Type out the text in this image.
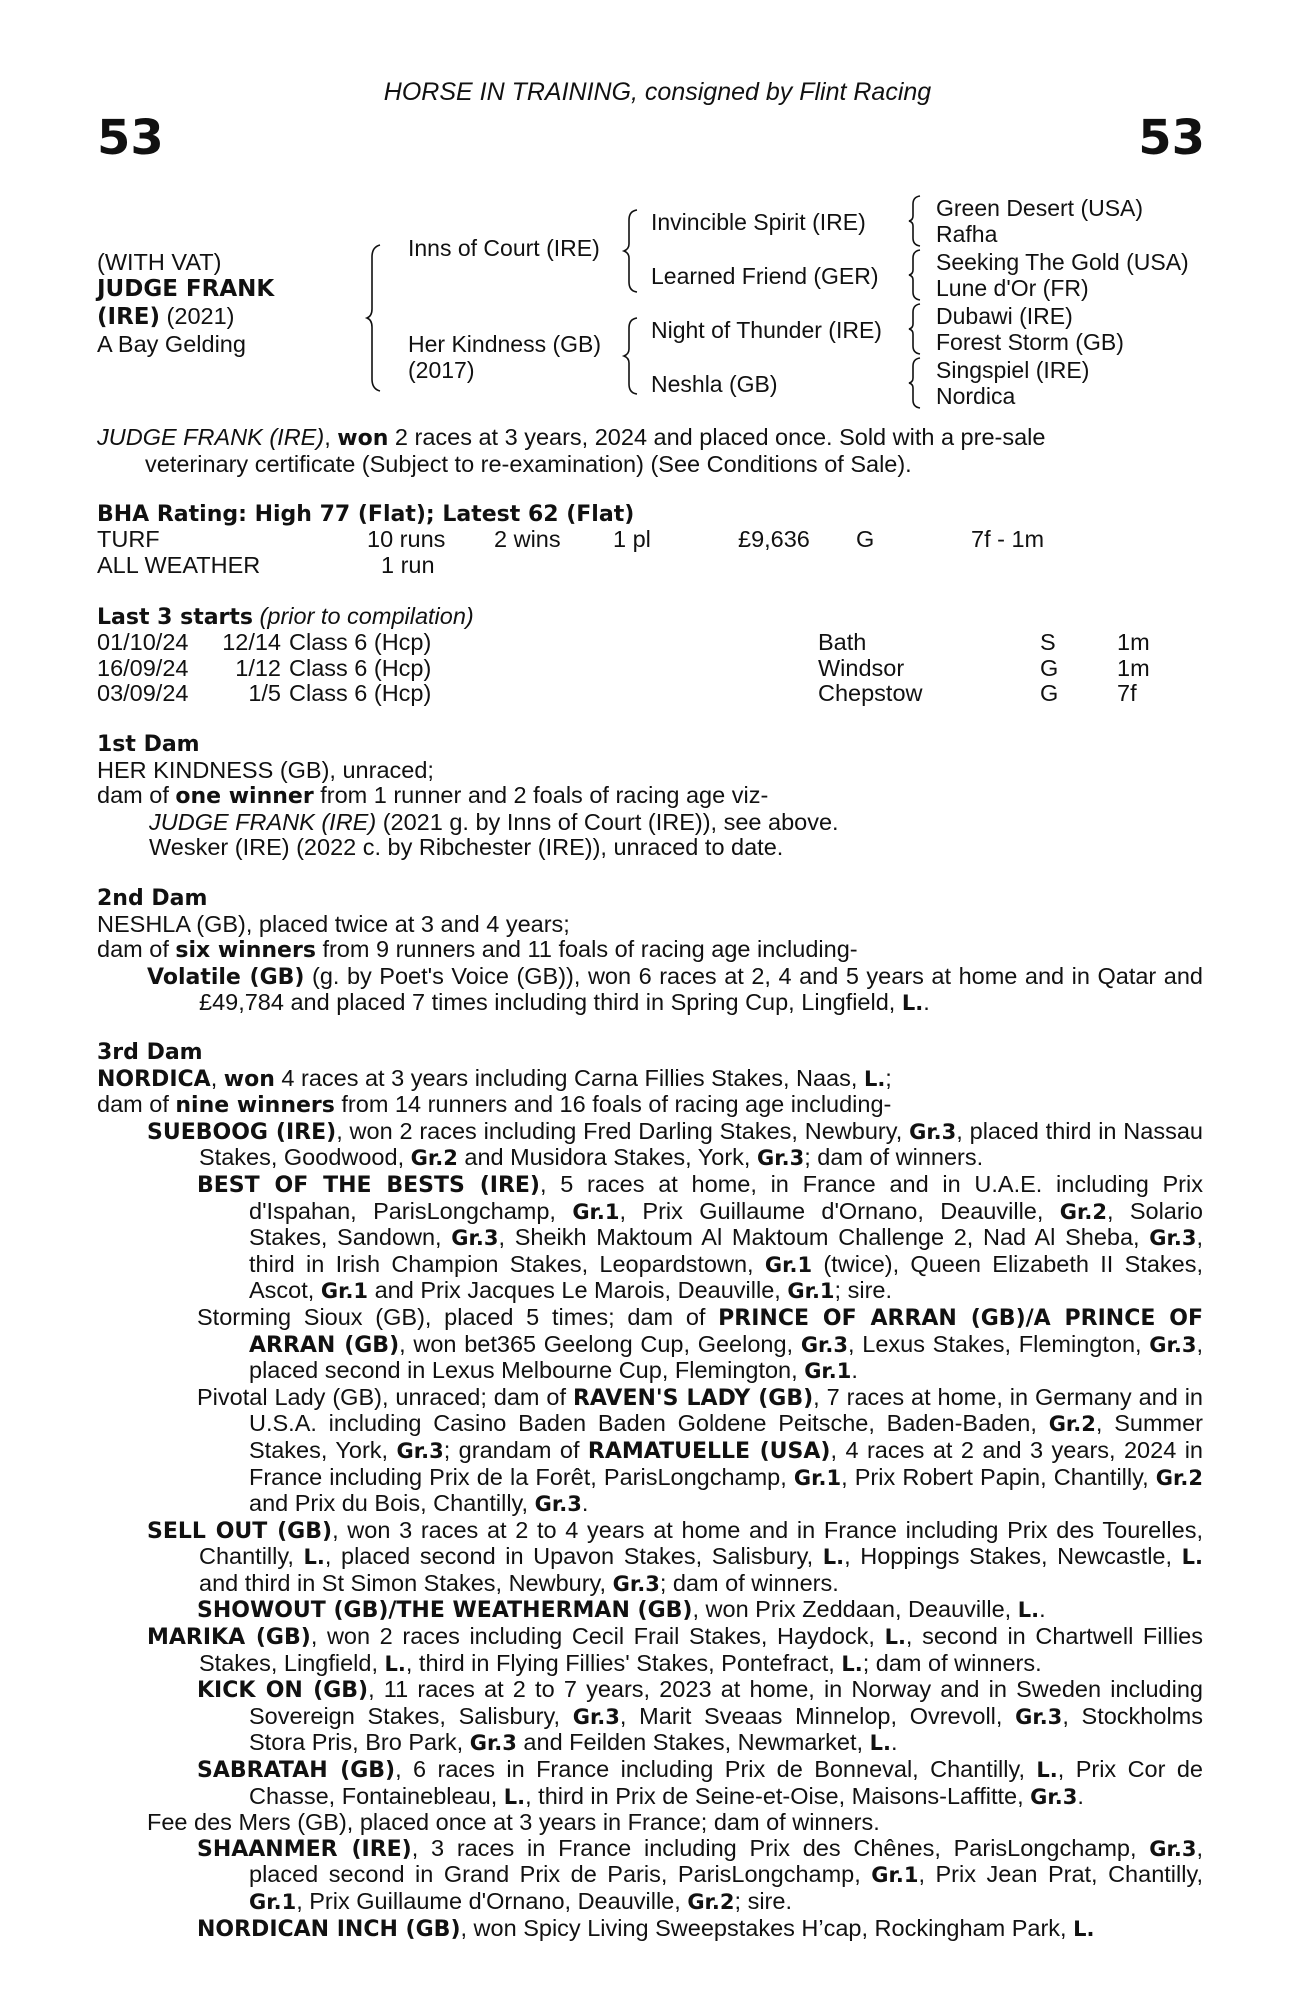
HORSE IN TRAINING, consigned by Flint Racing
53	53
(WITH VAT)
JUDGE FRANK
(IRE) (2021)
A Bay Gelding
Inns of Court (IRE)
Her Kindness (GB)
(2017)
Invincible Spirit (IRE)
Learned Friend (GER)
Night of Thunder (IRE)
Neshla (GB)
Green Desert (USA)
Rafha
Seeking The Gold (USA)
Lune d'Or (FR)
Dubawi (IRE)
Forest Storm (GB)
Singspiel (IRE)
Nordica

JUDGE FRANK (IRE), won 2 races at 3 years, 2024 and placed once. Sold with a pre-sale

veterinary certificate (Subject to re-examination) (See Conditions of Sale).

BHA Rating: High 77 (Flat); Latest 62 (Flat)
TURF	10 runs 2 wins 1 pl	£9,636 G	7f - 1m
ALL WEATHER	1 run
Last 3 starts (prior to compilation)
01/10/24 12/14 Class 6 (Hcp)	Bath	S	1m
16/09/24 1/12 Class 6 (Hcp)	Windsor	G 1m
03/09/24	1/5 Class 6 (Hcp)	Chepstow	G 7f

1st Dam

HER KINDNESS (GB), unraced;

dam of one winner from 1 runner and 2 foals of racing age viz-

JUDGE FRANK (IRE) (2021 g. by Inns of Court (IRE)), see above.

Wesker (IRE) (2022 c. by Ribchester (IRE)), unraced to date.

2nd Dam

NESHLA (GB), placed twice at 3 and 4 years;

dam of six winners from 9 runners and 11 foals of racing age including-

Volatile (GB) (g. by Poet's Voice (GB)), won 6 races at 2, 4 and 5 years at home and in Qatar and £49,784 and placed 7 times including third in Spring Cup, Lingfield, L..

3rd Dam

NORDICA, won 4 races at 3 years including Carna Fillies Stakes, Naas, L.;

dam of nine winners from 14 runners and 16 foals of racing age including-

SUEBOOG (IRE), won 2 races including Fred Darling Stakes, Newbury, Gr.3, placed third in Nassau Stakes, Goodwood, Gr.2 and Musidora Stakes, York, Gr.3; dam of winners.

BEST OF THE BESTS (IRE), 5 races at home, in France and in U.A.E. including Prix d'Ispahan, ParisLongchamp, Gr.1, Prix Guillaume d'Ornano, Deauville, Gr.2, Solario Stakes, Sandown, Gr.3, Sheikh Maktoum Al Maktoum Challenge 2, Nad Al Sheba, Gr.3, third in Irish Champion Stakes, Leopardstown, Gr.1 (twice), Queen Elizabeth II Stakes, Ascot, Gr.1 and Prix Jacques Le Marois, Deauville, Gr.1; sire.

Storming Sioux (GB), placed 5 times; dam of PRINCE OF ARRAN (GB)/A PRINCE OF ARRAN (GB), won bet365 Geelong Cup, Geelong, Gr.3, Lexus Stakes, Flemington, Gr.3, placed second in Lexus Melbourne Cup, Flemington, Gr.1.

Pivotal Lady (GB), unraced; dam of RAVEN'S LADY (GB), 7 races at home, in Germany and in U.S.A. including Casino Baden Baden Goldene Peitsche, Baden-Baden, Gr.2, Summer Stakes, York, Gr.3; grandam of RAMATUELLE (USA), 4 races at 2 and 3 years, 2024 in France including Prix de la Forêt, ParisLongchamp, Gr.1, Prix Robert Papin, Chantilly, Gr.2 and Prix du Bois, Chantilly, Gr.3.

SELL OUT (GB), won 3 races at 2 to 4 years at home and in France including Prix des Tourelles, Chantilly, L., placed second in Upavon Stakes, Salisbury, L., Hoppings Stakes, Newcastle, L. and third in St Simon Stakes, Newbury, Gr.3; dam of winners.

SHOWOUT (GB)/THE WEATHERMAN (GB), won Prix Zeddaan, Deauville, L..

MARIKA (GB), won 2 races including Cecil Frail Stakes, Haydock, L., second in Chartwell Fillies Stakes, Lingfield, L., third in Flying Fillies' Stakes, Pontefract, L.; dam of winners.

KICK ON (GB), 11 races at 2 to 7 years, 2023 at home, in Norway and in Sweden including Sovereign Stakes, Salisbury, Gr.3, Marit Sveaas Minnelop, Ovrevoll, Gr.3, Stockholms Stora Pris, Bro Park, Gr.3 and Feilden Stakes, Newmarket, L..

SABRATAH (GB), 6 races in France including Prix de Bonneval, Chantilly, L., Prix Cor de Chasse, Fontainebleau, L., third in Prix de Seine-et-Oise, Maisons-Laffitte, Gr.3.

Fee des Mers (GB), placed once at 3 years in France; dam of winners.

SHAANMER (IRE), 3 races in France including Prix des Chênes, ParisLongchamp, Gr.3, placed second in Grand Prix de Paris, ParisLongchamp, Gr.1, Prix Jean Prat, Chantilly, Gr.1, Prix Guillaume d'Ornano, Deauville, Gr.2; sire.

NORDICAN INCH (GB), won Spicy Living Sweepstakes H’cap, Rockingham Park, L.
